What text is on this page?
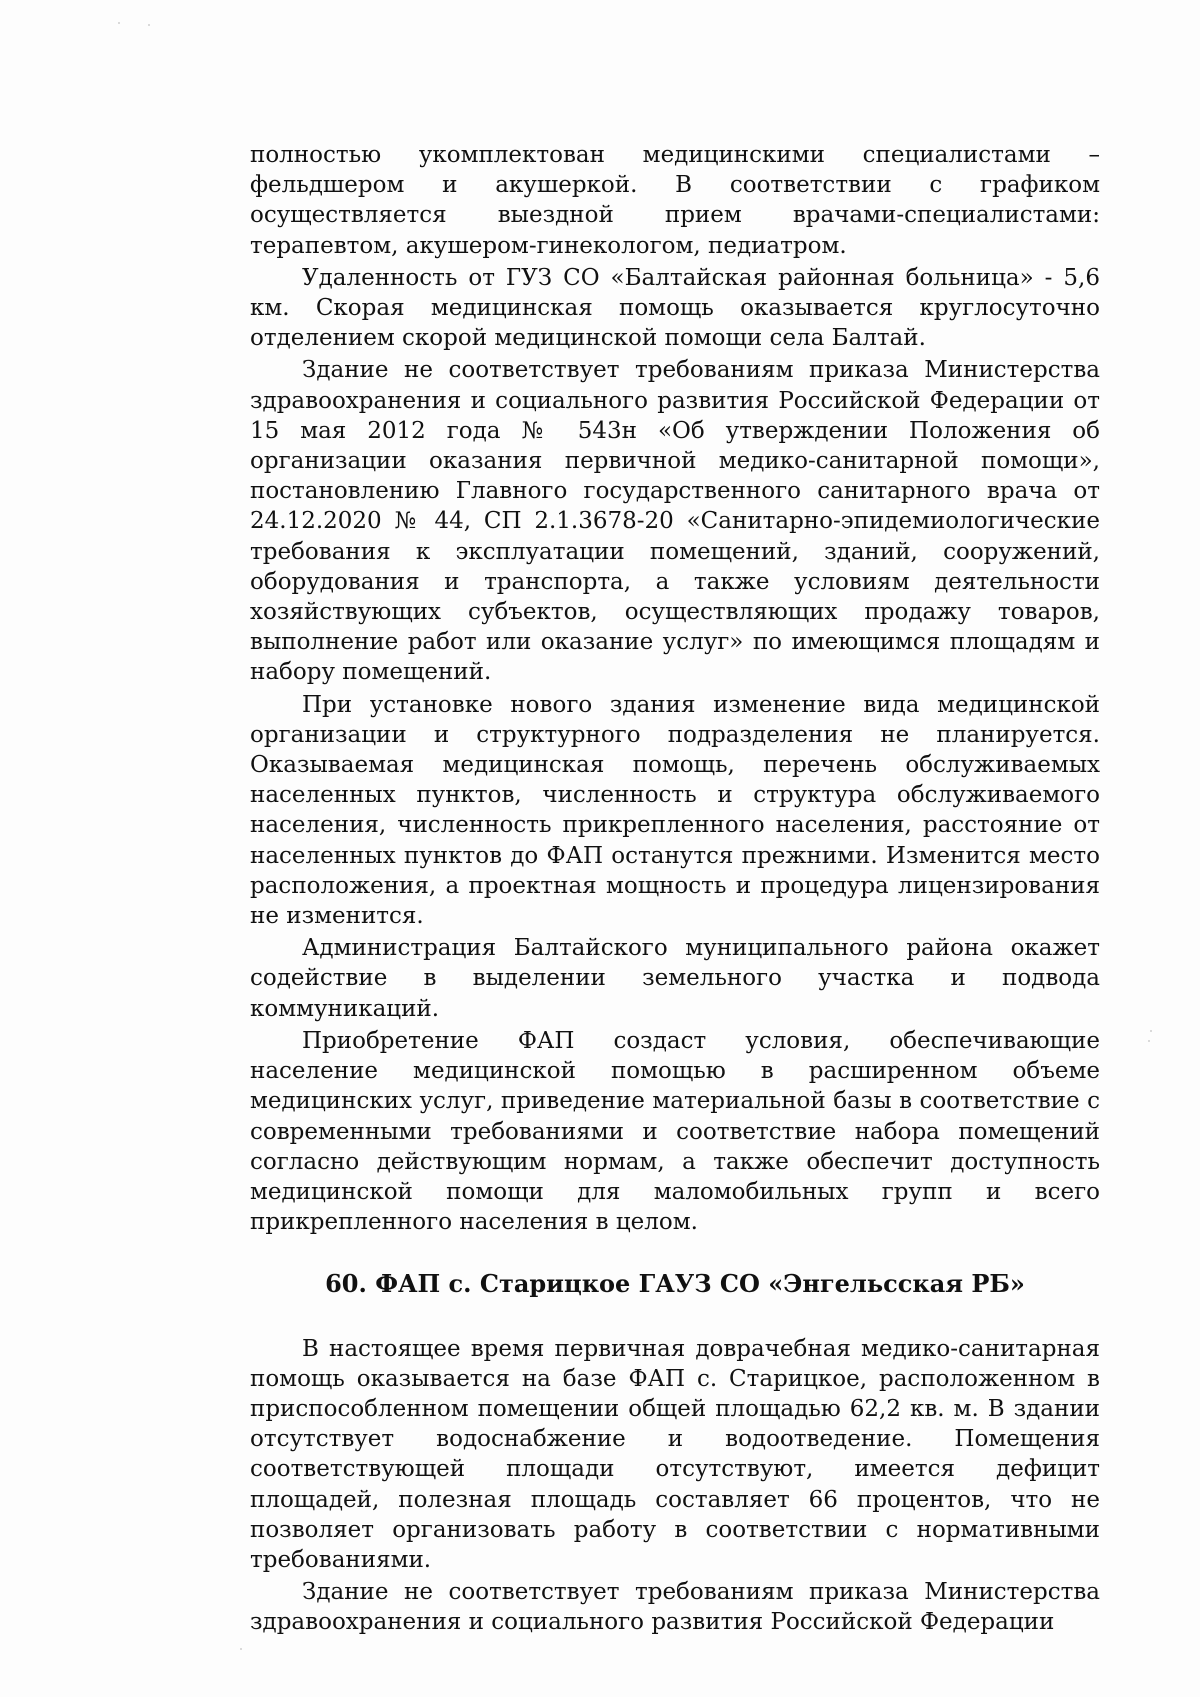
полностью укомплектован медицинскими специалистами – фельдшером и акушеркой. В соответствии с графиком осуществляется выездной прием врачами-специалистами: терапевтом, акушером-гинекологом, педиатром.

Удаленность от ГУЗ СО «Балтайская районная больница» - 5,6 км. Скорая медицинская помощь оказывается круглосуточно отделением скорой медицинской помощи села Балтай.

Здание не соответствует требованиям приказа Министерства здравоохранения и социального развития Российской Федерации от 15 мая 2012 года № 543н «Об утверждении Положения об организации оказания первичной медико-санитарной помощи», постановлению Главного государственного санитарного врача от 24.12.2020 № 44, СП 2.1.3678-20 «Санитарно-эпидемиологические требования к эксплуатации помещений, зданий, сооружений, оборудования и транспорта, а также условиям деятельности хозяйствующих субъектов, осуществляющих продажу товаров, выполнение работ или оказание услуг» по имеющимся площадям и набору помещений.

При установке нового здания изменение вида медицинской организации и структурного подразделения не планируется. Оказываемая медицинская помощь, перечень обслуживаемых населенных пунктов, численность и структура обслуживаемого населения, численность прикрепленного населения, расстояние от населенных пунктов до ФАП останутся прежними. Изменится место расположения, а проектная мощность и процедура лицензирования не изменится.

Администрация Балтайского муниципального района окажет содействие в выделении земельного участка и подвода коммуникаций.

Приобретение ФАП создаст условия, обеспечивающие население медицинской помощью в расширенном объеме медицинских услуг, приведение материальной базы в соответствие с современными требованиями и соответствие набора помещений согласно действующим нормам, а также обеспечит доступность медицинской помощи для маломобильных групп и всего прикрепленного населения в целом.

60. ФАП с. Старицкое ГАУЗ СО «Энгельсская РБ»

В настоящее время первичная доврачебная медико-санитарная помощь оказывается на базе ФАП с. Старицкое, расположенном в приспособленном помещении общей площадью 62,2 кв. м. В здании отсутствует водоснабжение и водоотведение. Помещения соответствующей площади отсутствуют, имеется дефицит площадей, полезная площадь составляет 66 процентов, что не позволяет организовать работу в соответствии с нормативными требованиями.

Здание не соответствует требованиям приказа Министерства здравоохранения и социального развития Российской Федерации
